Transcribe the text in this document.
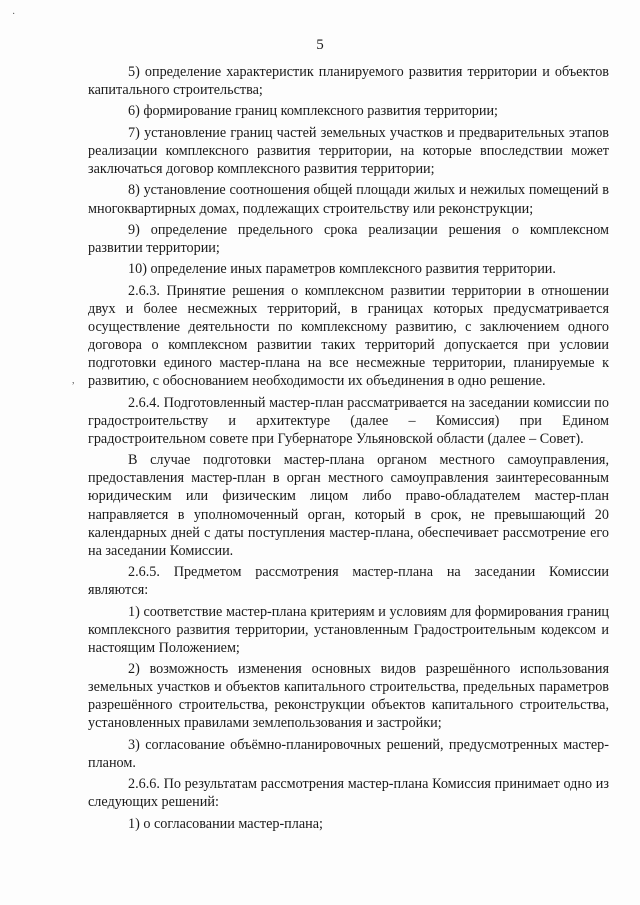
·
,
5

5) определение характеристик планируемого развития территории и объектов капитального строительства;

6) формирование границ комплексного развития территории;

7) установление границ частей земельных участков и предварительных этапов реализации комплексного развития территории, на которые впоследствии может заключаться договор комплексного развития территории;

8) установление соотношения общей площади жилых и нежилых помещений в многоквартирных домах, подлежащих строительству или реконструкции;

9) определение предельного срока реализации решения о комплексном развитии территории;

10) определение иных параметров комплексного развития территории.

2.6.3. Принятие решения о комплексном развитии территории в отношении двух и более несмежных территорий, в границах которых предусматривается осуществление деятельности по комплексному развитию, с заключением одного договора о комплексном развитии таких территорий допускается при условии подготовки единого мастер-плана на все несмежные территории, планируемые к развитию, с обоснованием необходимости их объединения в одно решение.

2.6.4. Подготовленный мастер-план рассматривается на заседании комиссии по градостроительству и архитектуре (далее – Комиссия) при Едином градостроительном совете при Губернаторе Ульяновской области (далее – Совет).

В случае подготовки мастер-плана органом местного самоуправления, предоставления мастер-план в орган местного самоуправления заинтересованным юридическим или физическим лицом либо право-обладателем мастер-план направляется в уполномоченный орган, который в срок, не превышающий 20 календарных дней с даты поступления мастер-плана, обеспечивает рассмотрение его на заседании Комиссии.

2.6.5. Предметом рассмотрения мастер-плана на заседании Комиссии являются:

1) соответствие мастер-плана критериям и условиям для формирования границ комплексного развития территории, установленным Градостроительным кодексом и настоящим Положением;

2) возможность изменения основных видов разрешённого использования земельных участков и объектов капитального строительства, предельных параметров разрешённого строительства, реконструкции объектов капитального строительства, установленных правилами землепользования и застройки;

3) согласование объёмно-планировочных решений, предусмотренных мастер-планом.

2.6.6. По результатам рассмотрения мастер-плана Комиссия принимает одно из следующих решений:

1) о согласовании мастер-плана;
